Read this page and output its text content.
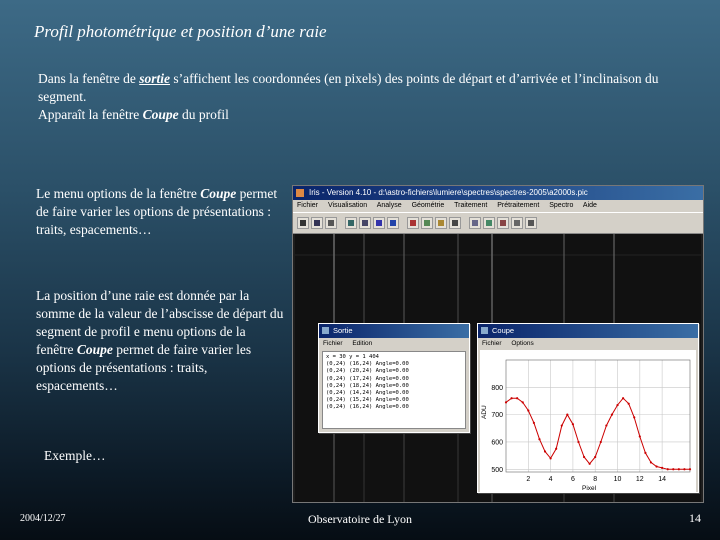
Profil photométrique et position d’une raie
Dans la fenêtre de sortie s’affichent les coordonnées (en pixels) des points de départ et d’arrivée et l’inclinaison du segment.
Apparaît la fenêtre Coupe du profil
Le menu options de la fenêtre Coupe permet de faire varier les options de présentations : traits, espacements…
La position d’une raie est donnée par la somme de la valeur de l’abscisse de départ du segment de profil e menu options de la fenêtre Coupe permet de faire varier les options de présentations : traits, espacements…
Exemple…
Iris - Version 4.10 - d:\astro-fichiers\lumiere\spectres\spectres-2005\a2000s.pic
Fichier Visualisation Analyse Géométrie Traitement Prétraitement Spectro Aide
Sortie
Fichier Edition
x = 30 y = 1 404
(0,24) (16,24) Angle=0.00
(0,24) (20,24) Angle=0.00
(0,24) (17,24) Angle=0.00
(0,24) (18,24) Angle=0.00
(0,24) (14,24) Angle=0.00
(0,24) (15,24) Angle=0.00
(0,24) (16,24) Angle=0.00
Coupe
Fichier Options
500
600
700
800
2	4	6	8 10 12 14
Pixel
ADU
2004/12/27	Observatoire de Lyon	14
